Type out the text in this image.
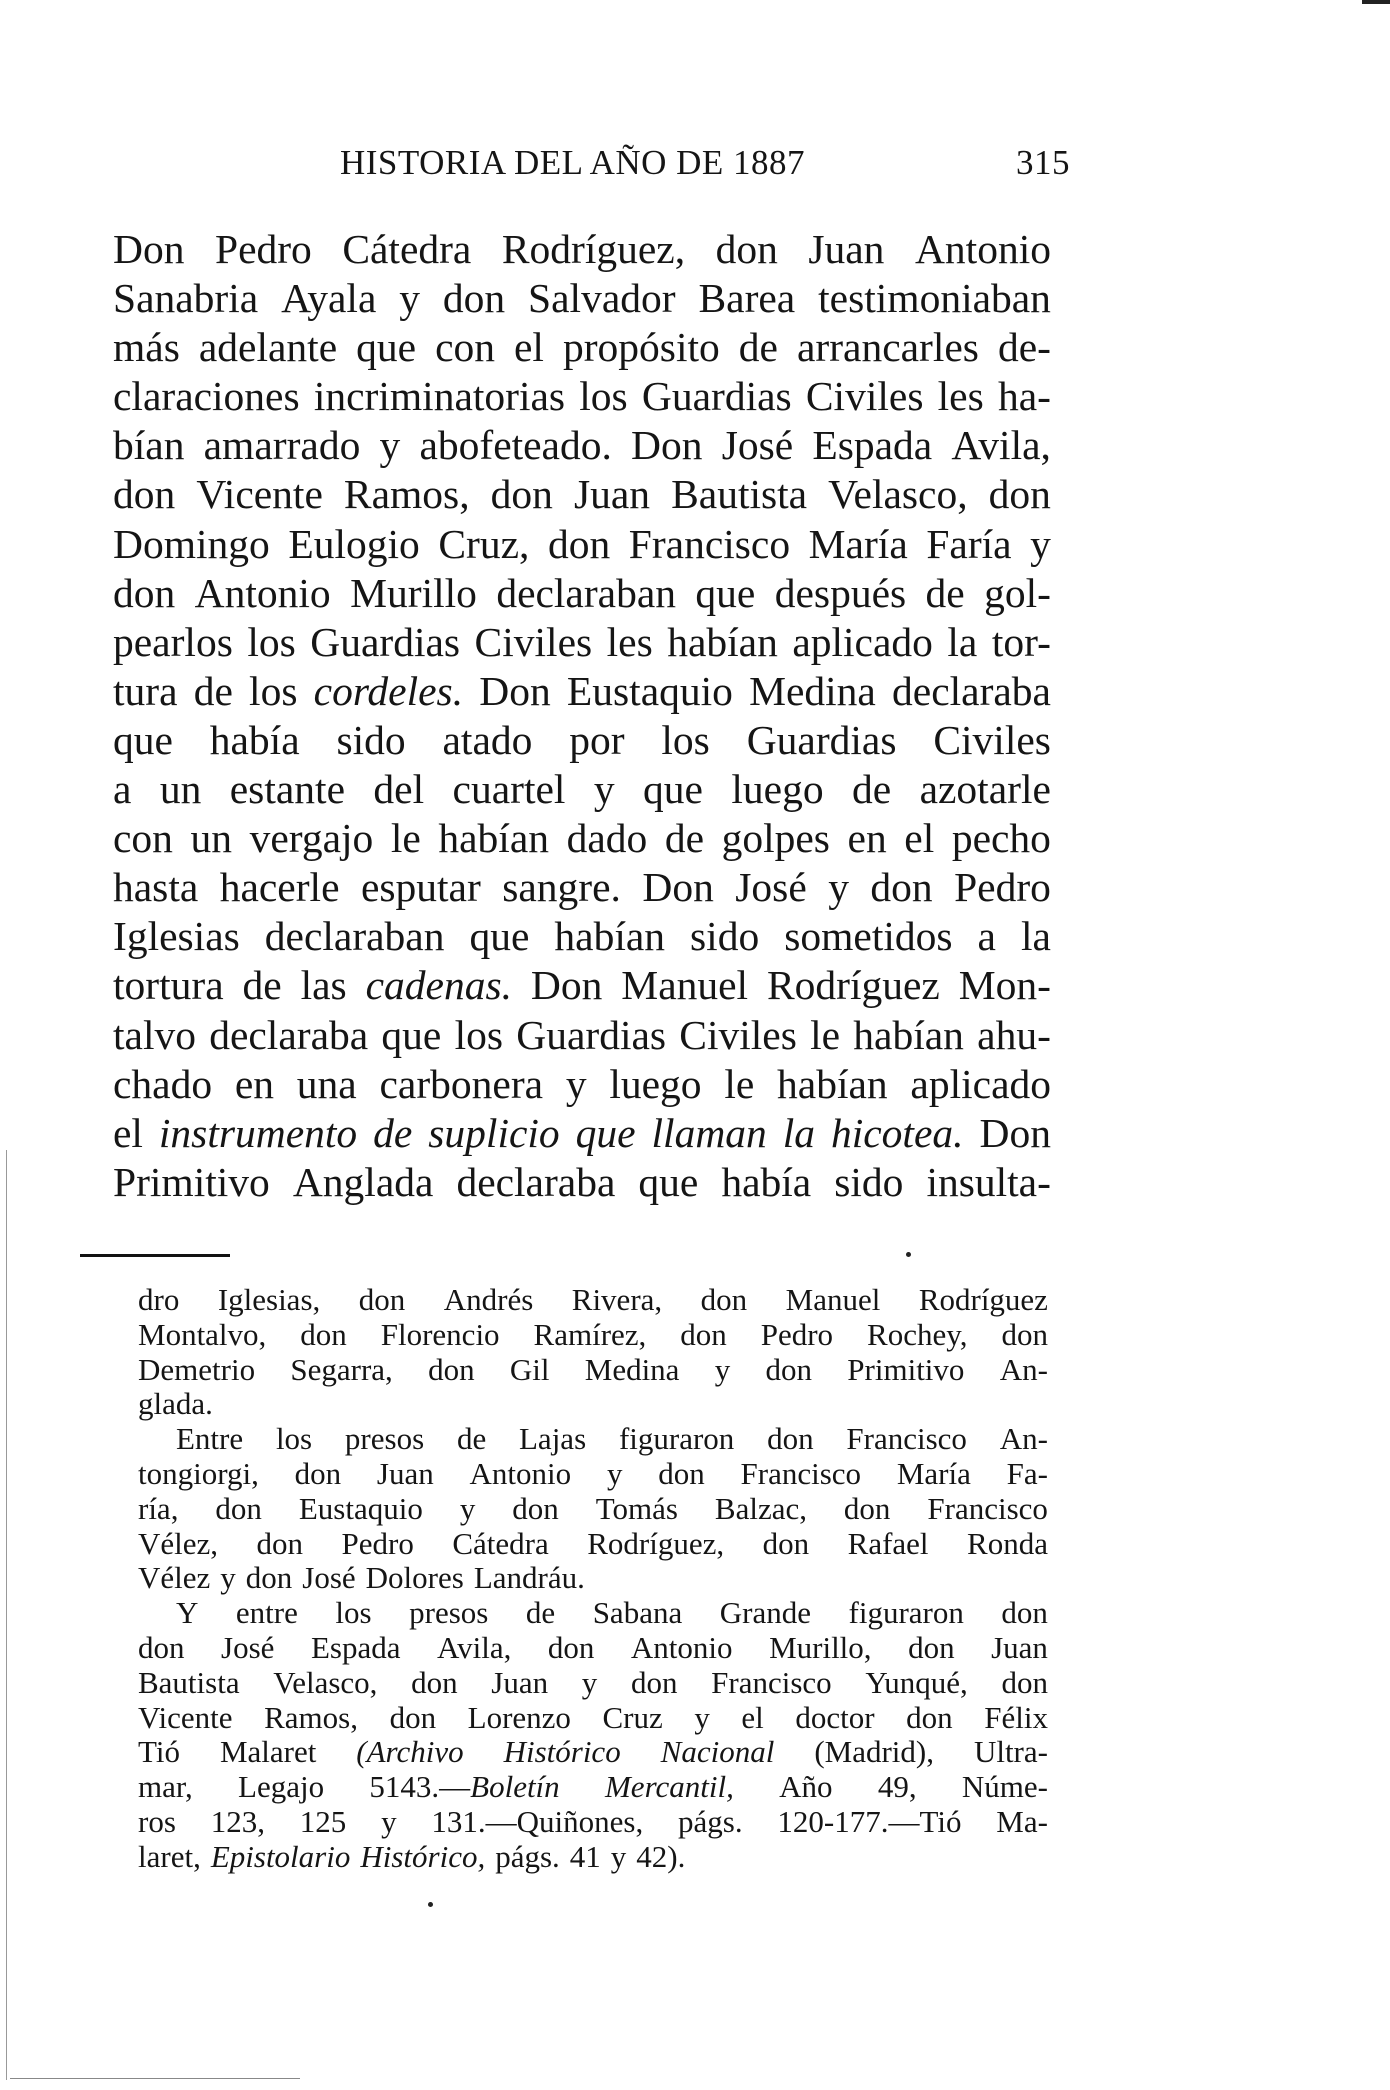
HISTORIA DEL AÑO DE 1887	315
Don Pedro Cátedra Rodríguez, don Juan Antonio
Sanabria Ayala y don Salvador Barea testimoniaban
más adelante que con el propósito de arrancarles de-
claraciones incriminatorias los Guardias Civiles les ha-
bían amarrado y abofeteado. Don José Espada Avila,
don Vicente Ramos, don Juan Bautista Velasco, don
Domingo Eulogio Cruz, don Francisco María Faría y
don Antonio Murillo declaraban que después de gol-
pearlos los Guardias Civiles les habían aplicado la tor-
tura de los cordeles. Don Eustaquio Medina declaraba
que había sido atado por los Guardias Civiles
a un estante del cuartel y que luego de azotarle
con un vergajo le habían dado de golpes en el pecho
hasta hacerle esputar sangre. Don José y don Pedro
Iglesias declaraban que habían sido sometidos a la
tortura de las cadenas. Don Manuel Rodríguez Mon-
talvo declaraba que los Guardias Civiles le habían ahu-
chado en una carbonera y luego le habían aplicado
el instrumento de suplicio que llaman la hicotea. Don
Primitivo Anglada declaraba que había sido insulta-
dro Iglesias, don Andrés Rivera, don Manuel Rodríguez
Montalvo, don Florencio Ramírez, don Pedro Rochey, don
Demetrio Segarra, don Gil Medina y don Primitivo An-
glada.
Entre los presos de Lajas figuraron don Francisco An-
tongiorgi, don Juan Antonio y don Francisco María Fa-
ría, don Eustaquio y don Tomás Balzac, don Francisco
Vélez, don Pedro Cátedra Rodríguez, don Rafael Ronda
Vélez y don José Dolores Landráu.
Y entre los presos de Sabana Grande figuraron don
don José Espada Avila, don Antonio Murillo, don Juan
Bautista Velasco, don Juan y don Francisco Yunqué, don
Vicente Ramos, don Lorenzo Cruz y el doctor don Félix
Tió Malaret (Archivo Histórico Nacional (Madrid), Ultra-
mar, Legajo 5143.—Boletín Mercantil, Año 49, Núme-
ros 123, 125 y 131.—Quiñones, págs. 120-177.—Tió Ma-
laret, Epistolario Histórico, págs. 41 y 42).
